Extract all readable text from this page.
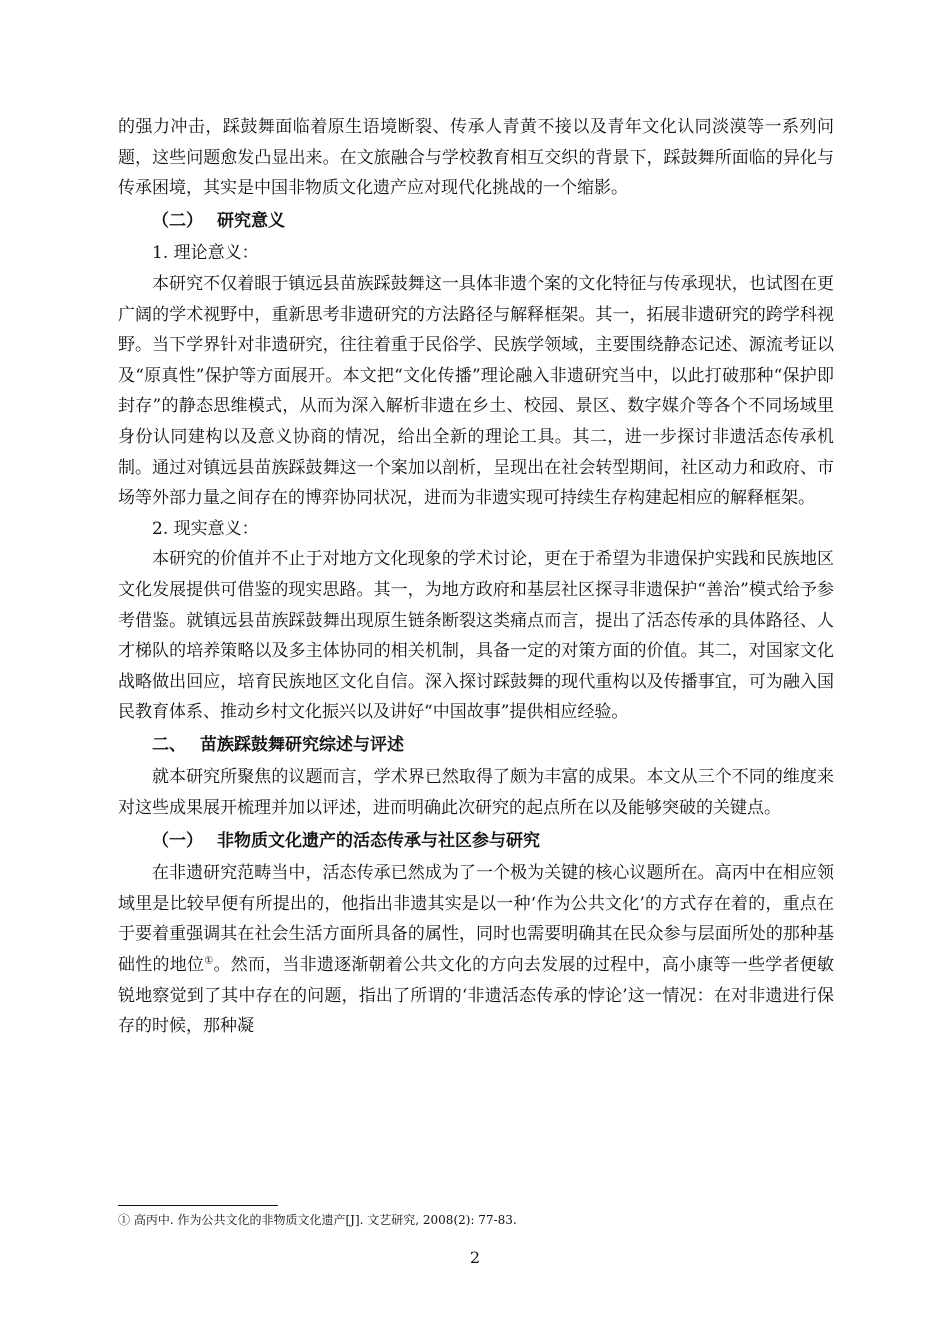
的强力冲击，踩鼓舞面临着原生语境断裂、传承人青黄不接以及青年文化认同淡漠等一系列问题，这些问题愈发凸显出来。在文旅融合与学校教育相互交织的背景下，踩鼓舞所面临的异化与传承困境，其实是中国非物质文化遗产应对现代化挑战的一个缩影。

（二） 研究意义

1. 理论意义：

本研究不仅着眼于镇远县苗族踩鼓舞这一具体非遗个案的文化特征与传承现状，也试图在更广阔的学术视野中，重新思考非遗研究的方法路径与解释框架。其一，拓展非遗研究的跨学科视野。当下学界针对非遗研究，往往着重于民俗学、民族学领域，主要围绕静态记述、源流考证以及“原真性”保护等方面展开。本文把“文化传播”理论融入非遗研究当中，以此打破那种“保护即封存”的静态思维模式，从而为深入解析非遗在乡土、校园、景区、数字媒介等各个不同场域里身份认同建构以及意义协商的情况，给出全新的理论工具。其二，进一步探讨非遗活态传承机制。通过对镇远县苗族踩鼓舞这一个案加以剖析，呈现出在社会转型期间，社区动力和政府、市场等外部力量之间存在的博弈协同状况，进而为非遗实现可持续生存构建起相应的解释框架。

2. 现实意义：

本研究的价值并不止于对地方文化现象的学术讨论，更在于希望为非遗保护实践和民族地区文化发展提供可借鉴的现实思路。其一，为地方政府和基层社区探寻非遗保护“善治”模式给予参考借鉴。就镇远县苗族踩鼓舞出现原生链条断裂这类痛点而言，提出了活态传承的具体路径、人才梯队的培养策略以及多主体协同的相关机制，具备一定的对策方面的价值。其二，对国家文化战略做出回应，培育民族地区文化自信。深入探讨踩鼓舞的现代重构以及传播事宜，可为融入国民教育体系、推动乡村文化振兴以及讲好“中国故事”提供相应经验。

二、 苗族踩鼓舞研究综述与评述

就本研究所聚焦的议题而言，学术界已然取得了颇为丰富的成果。本文从三个不同的维度来对这些成果展开梳理并加以评述，进而明确此次研究的起点所在以及能够突破的关键点。

（一） 非物质文化遗产的活态传承与社区参与研究

在非遗研究范畴当中，活态传承已然成为了一个极为关键的核心议题所在。高丙中在相应领域里是比较早便有所提出的，他指出非遗其实是以一种‘作为公共文化’的方式存在着的，重点在于要着重强调其在社会生活方面所具备的属性，同时也需要明确其在民众参与层面所处的那种基础性的地位①。然而，当非遗逐渐朝着公共文化的方向去发展的过程中，高小康等一些学者便敏锐地察觉到了其中存在的问题，指出了所谓的‘非遗活态传承的悖论’这一情况：在对非遗进行保存的时候，那种凝

① 高丙中. 作为公共文化的非物质文化遗产[J]. 文艺研究, 2008(2): 77-83.
2
